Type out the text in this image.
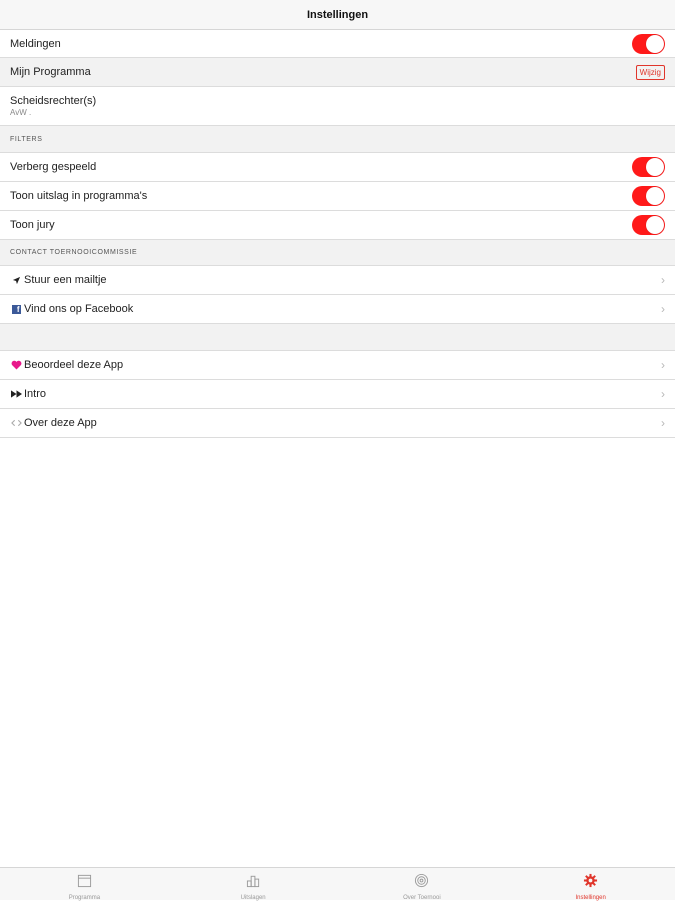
Instellingen
Meldingen
Mijn Programma	Wijzig
Scheidsrechter(s)
AvW .
FILTERS
Verberg gespeeld
Toon uitslag in programma's
Toon jury
CONTACT TOERNOOICOMMISSIE
Stuur een mailtje	›
f Vind ons op Facebook	›
Beoordeel deze App	›
Intro	›
Over deze App	›
Programma	Uitslagen	Over Toernooi	Instellingen
